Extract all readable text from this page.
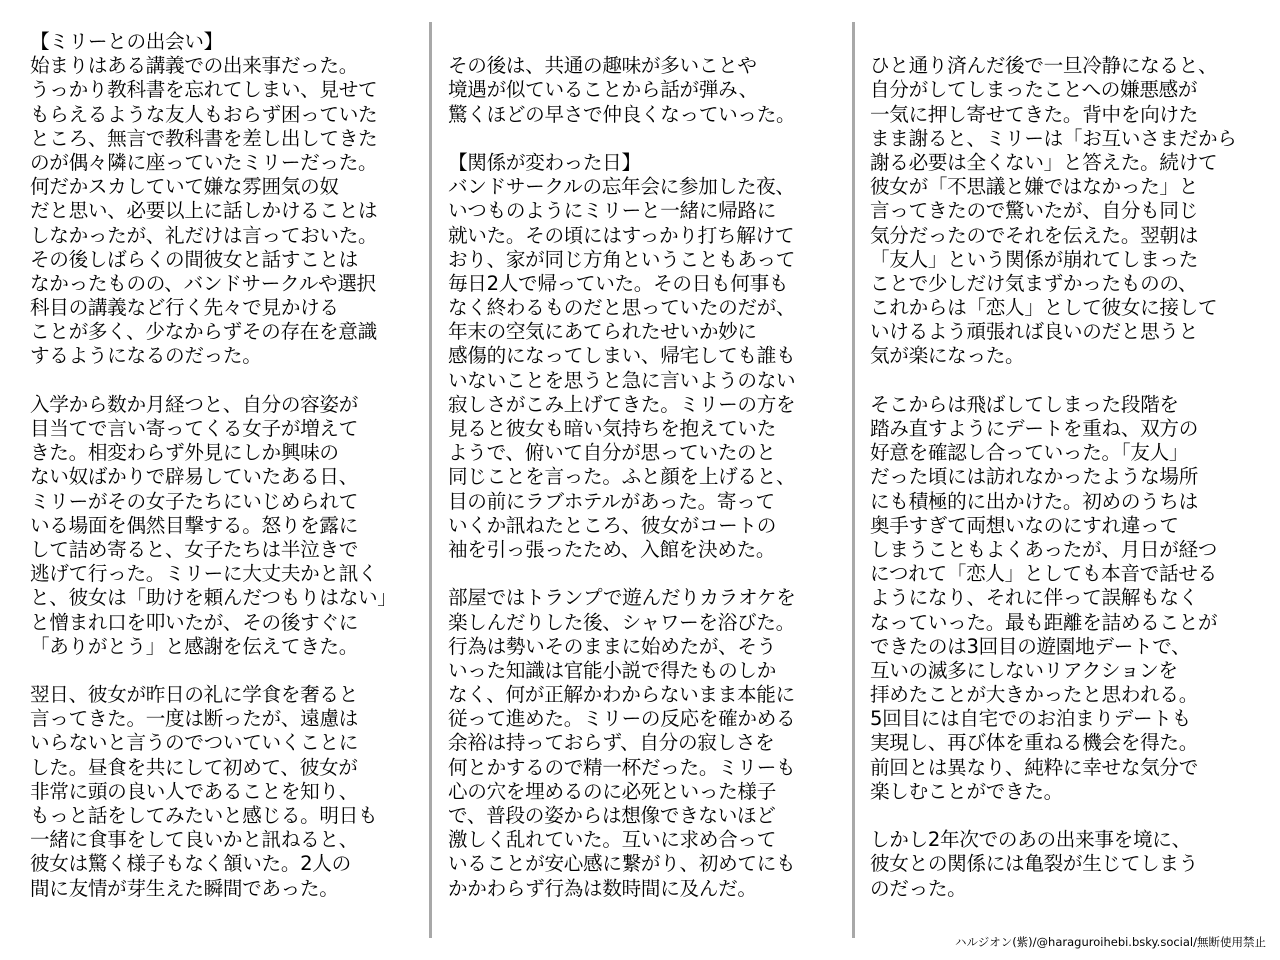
【ミリーとの出会い】
始まりはある講義での出来事だった。
うっかり教科書を忘れてしまい、見せて
もらえるような友人もおらず困っていた
ところ、無言で教科書を差し出してきた
のが偶々隣に座っていたミリーだった。
何だかスカしていて嫌な雰囲気の奴
だと思い、必要以上に話しかけることは
しなかったが、礼だけは言っておいた。
その後しばらくの間彼女と話すことは
なかったものの、バンドサークルや選択
科目の講義など行く先々で見かける
ことが多く、少なからずその存在を意識
するようになるのだった。
入学から数か月経つと、自分の容姿が
目当てで言い寄ってくる女子が増えて
きた。相変わらず外見にしか興味の
ない奴ばかりで辟易していたある日、
ミリーがその女子たちにいじめられて
いる場面を偶然目撃する。怒りを露に
して詰め寄ると、女子たちは半泣きで
逃げて行った。ミリーに大丈夫かと訊く
と、彼女は「助けを頼んだつもりはない」
と憎まれ口を叩いたが、その後すぐに
「ありがとう」と感謝を伝えてきた。
翌日、彼女が昨日の礼に学食を奢ると
言ってきた。一度は断ったが、遠慮は
いらないと言うのでついていくことに
した。昼食を共にして初めて、彼女が
非常に頭の良い人であることを知り、
もっと話をしてみたいと感じる。明日も
一緒に食事をして良いかと訊ねると、
彼女は驚く様子もなく頷いた。2人の
間に友情が芽生えた瞬間であった。
その後は、共通の趣味が多いことや
境遇が似ていることから話が弾み、
驚くほどの早さで仲良くなっていった。
【関係が変わった日】
バンドサークルの忘年会に参加した夜、
いつものようにミリーと一緒に帰路に
就いた。その頃にはすっかり打ち解けて
おり、家が同じ方角ということもあって
毎日2人で帰っていた。その日も何事も
なく終わるものだと思っていたのだが、
年末の空気にあてられたせいか妙に
感傷的になってしまい、帰宅しても誰も
いないことを思うと急に言いようのない
寂しさがこみ上げてきた。ミリーの方を
見ると彼女も暗い気持ちを抱えていた
ようで、俯いて自分が思っていたのと
同じことを言った。ふと顔を上げると、
目の前にラブホテルがあった。寄って
いくか訊ねたところ、彼女がコートの
袖を引っ張ったため、入館を決めた。
部屋ではトランプで遊んだりカラオケを
楽しんだりした後、シャワーを浴びた。
行為は勢いそのままに始めたが、そう
いった知識は官能小説で得たものしか
なく、何が正解かわからないまま本能に
従って進めた。ミリーの反応を確かめる
余裕は持っておらず、自分の寂しさを
何とかするので精一杯だった。ミリーも
心の穴を埋めるのに必死といった様子
で、普段の姿からは想像できないほど
激しく乱れていた。互いに求め合って
いることが安心感に繋がり、初めてにも
かかわらず行為は数時間に及んだ。
ひと通り済んだ後で一旦冷静になると、
自分がしてしまったことへの嫌悪感が
一気に押し寄せてきた。背中を向けた
まま謝ると、ミリーは「お互いさまだから
謝る必要は全くない」と答えた。続けて
彼女が「不思議と嫌ではなかった」と
言ってきたので驚いたが、自分も同じ
気分だったのでそれを伝えた。翌朝は
「友人」という関係が崩れてしまった
ことで少しだけ気まずかったものの、
これからは「恋人」として彼女に接して
いけるよう頑張れば良いのだと思うと
気が楽になった。
そこからは飛ばしてしまった段階を
踏み直すようにデートを重ね、双方の
好意を確認し合っていった。「友人」
だった頃には訪れなかったような場所
にも積極的に出かけた。初めのうちは
奥手すぎて両想いなのにすれ違って
しまうこともよくあったが、月日が経つ
につれて「恋人」としても本音で話せる
ようになり、それに伴って誤解もなく
なっていった。最も距離を詰めることが
できたのは3回目の遊園地デートで、
互いの滅多にしないリアクションを
拝めたことが大きかったと思われる。
5回目には自宅でのお泊まりデートも
実現し、再び体を重ねる機会を得た。
前回とは異なり、純粋に幸せな気分で
楽しむことができた。
しかし2年次でのあの出来事を境に、
彼女との関係には亀裂が生じてしまう
のだった。
ハルジオン(紫)/@haraguroihebi.bsky.social/無断使用禁止
